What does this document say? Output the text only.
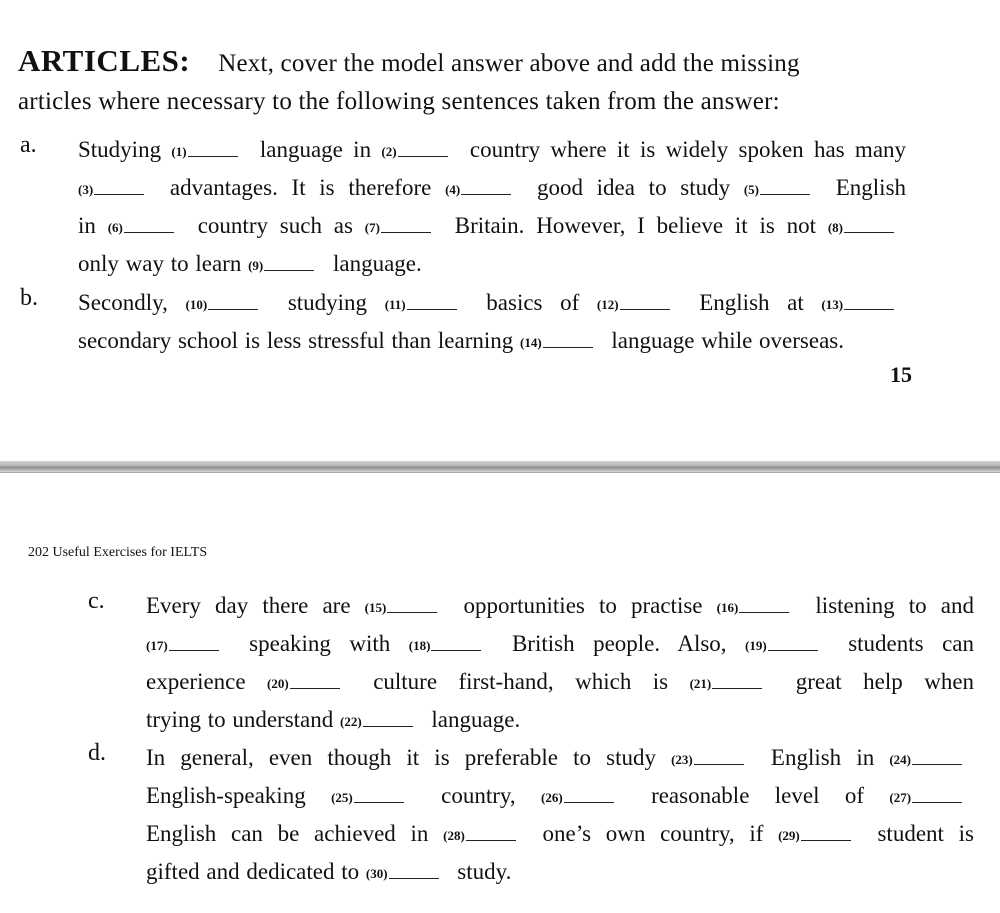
ARTICLES: Next, cover the model answer above and add the missing
articles where necessary to the following sentences taken from the answer:
a. Studying (1)	language in (2)	country where it is widely spoken has many

(3)	advantages. It is therefore (4)	good idea to study (5)	English

in (6)	country such as (7)	Britain. However, I believe it is not (8)

only way to learn (9)	language.

b. Secondly, (10)	studying (11)	basics of (12)	English at (13)

secondary school is less stressful than learning (14)	language while overseas.

15
202 Useful Exercises for IELTS
c. Every day there are (15)	opportunities to practise (16)	listening to and

(17)	speaking with (18)	British people. Also, (19)	students can

experience (20)	culture first-hand, which is (21)	great help when

trying to understand (22)	language.

d. In general, even though it is preferable to study (23)	English in (24)

English-speaking (25)	country, (26)	reasonable level of (27)

English can be achieved in (28)	one’s own country, if (29)	student is

gifted and dedicated to (30)	study.
